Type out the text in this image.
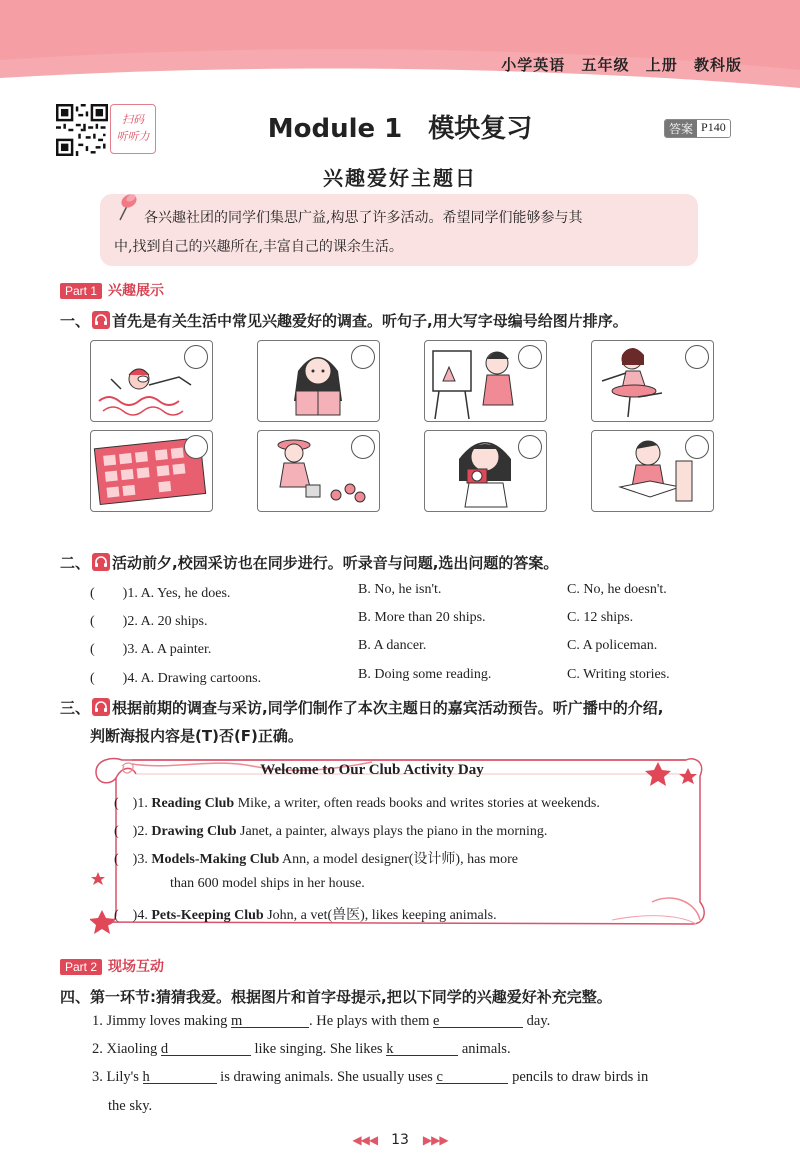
小学英语 五年级 上册 教科版
扫码
听听力	Module 1　模块复习	答案 P140
兴趣爱好主题日
各兴趣社团的同学们集思广益,构思了许多活动。希望同学们能够参与其
中,找到自己的兴趣所在,丰富自己的课余生活。
Part 1 兴趣展示
一、 首先是有关生活中常见兴趣爱好的调查。听句子,用大写字母编号给图片排序。
二、 活动前夕,校园采访也在同步进行。听录音与问题,选出问题的答案。
(　　)1. A. Yes, he does.	B. No, he isn't.	C. No, he doesn't.
(　　)2. A. 20 ships.	B. More than 20 ships.	C. 12 ships.
(　　)3. A. A painter.	B. A dancer.	C. A policeman.
(　　)4. A. Drawing cartoons.	B. Doing some reading.	C. Writing stories.
三、 根据前期的调查与采访,同学们制作了本次主题日的嘉宾活动预告。听广播中的介绍,
判断海报内容是(T)否(F)正确。
Welcome to Our Club Activity Day
(　)1. Reading Club Mike, a writer, often reads books and writes stories at weekends.
(　)2. Drawing Club Janet, a painter, always plays the piano in the morning.
(　)3. Models-Making Club Ann, a model designer(设计师), has more
than 600 model ships in her house.
(　)4. Pets-Keeping Club John, a vet(兽医), likes keeping animals.
Part 2 现场互动
四、第一环节:猜猜我爱。根据图片和首字母提示,把以下同学的兴趣爱好补充完整。
1. Jimmy loves making m	. He plays with them e	day.
2. Xiaoling d	like singing. She likes k	animals.
3. Lily's h	is drawing animals. She usually uses c	pencils to draw birds in
the sky.
◀◀◀ 13 ▶▶▶
